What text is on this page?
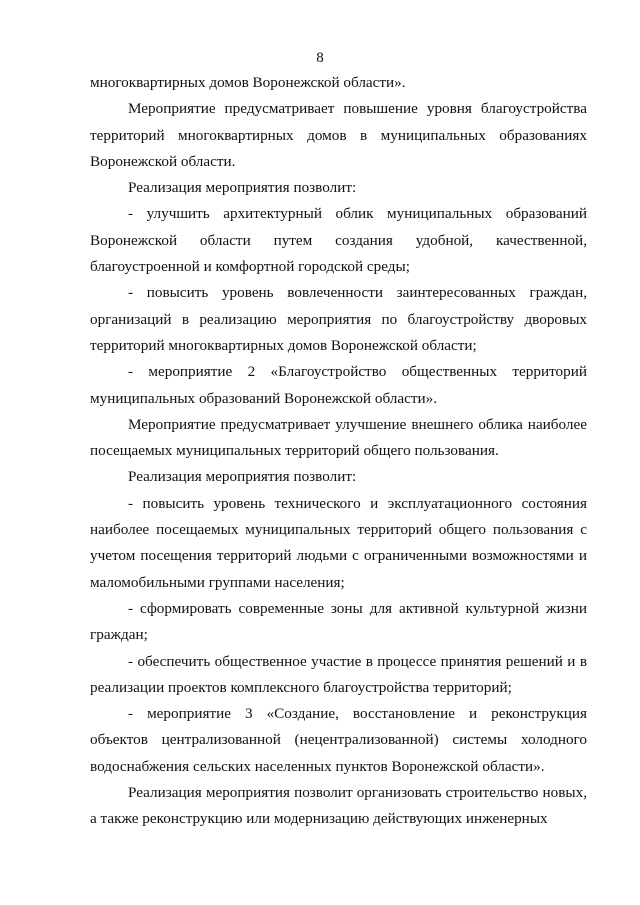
8

многоквартирных домов Воронежской области».

Мероприятие предусматривает повышение уровня благоустройства территорий многоквартирных домов в муниципальных образованиях Воронежской области.

Реализация мероприятия позволит:

- улучшить архитектурный облик муниципальных образований Воронежской области путем создания удобной, качественной, благоустроенной и комфортной городской среды;

- повысить уровень вовлеченности заинтересованных граждан, организаций в реализацию мероприятия по благоустройству дворовых территорий многоквартирных домов Воронежской области;

- мероприятие 2 «Благоустройство общественных территорий муниципальных образований Воронежской области».

Мероприятие предусматривает улучшение внешнего облика наиболее посещаемых муниципальных территорий общего пользования.

Реализация мероприятия позволит:

- повысить уровень технического и эксплуатационного состояния наиболее посещаемых муниципальных территорий общего пользования с учетом посещения территорий людьми с ограниченными возможностями и маломобильными группами населения;

- сформировать современные зоны для активной культурной жизни граждан;

- обеспечить общественное участие в процессе принятия решений и в реализации проектов комплексного благоустройства территорий;

- мероприятие 3 «Создание, восстановление и реконструкция объектов централизованной (нецентрализованной) системы холодного водоснабжения сельских населенных пунктов Воронежской области».

Реализация мероприятия позволит организовать строительство новых, а также реконструкцию или модернизацию действующих инженерных
